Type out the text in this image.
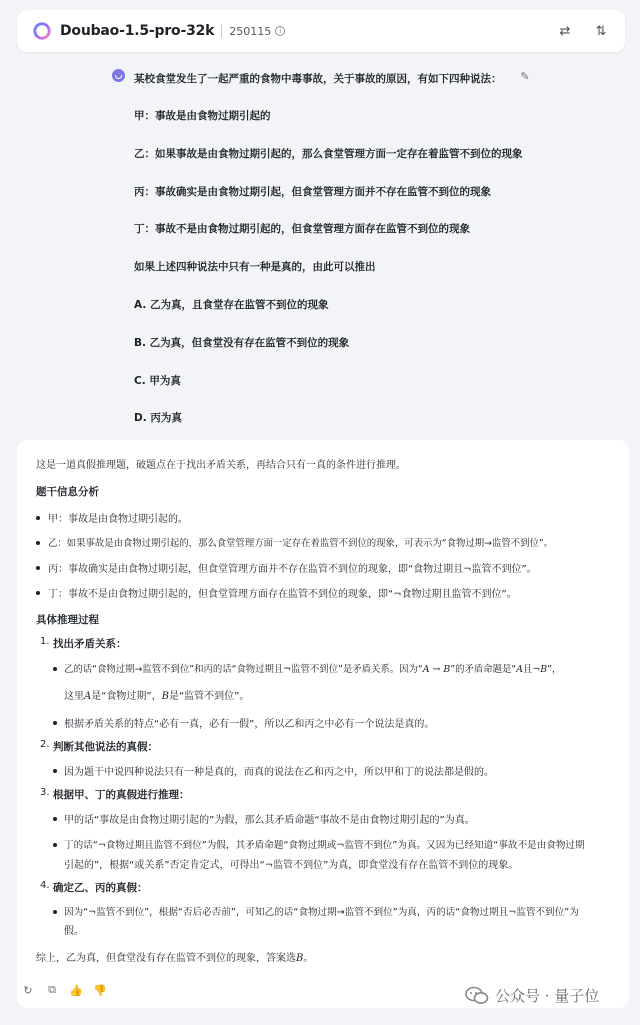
Doubao-1.5-pro-32k 250115	i	⇄	⇅
✎
某校食堂发生了一起严重的食物中毒事故，关于事故的原因，有如下四种说法：
甲：事故是由食物过期引起的
乙：如果事故是由食物过期引起的，那么食堂管理方面一定存在着监管不到位的现象
丙：事故确实是由食物过期引起，但食堂管理方面并不存在监管不到位的现象
丁：事故不是由食物过期引起的，但食堂管理方面存在监管不到位的现象
如果上述四种说法中只有一种是真的，由此可以推出
A. 乙为真，且食堂存在监管不到位的现象
B. 乙为真，但食堂没有存在监管不到位的现象
C. 甲为真
D. 丙为真
这是一道真假推理题，破题点在于找出矛盾关系，再结合只有一真的条件进行推理。
题干信息分析
甲：事故是由食物过期引起的。
乙：如果事故是由食物过期引起的，那么食堂管理方面一定存在着监管不到位的现象，可表示为“食物过期→监管不到位”。
丙：事故确实是由食物过期引起，但食堂管理方面并不存在监管不到位的现象，即“食物过期且¬监管不到位”。
丁：事故不是由食物过期引起的，但食堂管理方面存在监管不到位的现象，即“¬食物过期且监管不到位”。
具体推理过程
1. 找出矛盾关系：
乙的话“食物过期→监管不到位”和丙的话“食物过期且¬监管不到位”是矛盾关系。因为“A → B”的矛盾命题是“A且¬B”，
这里A是“食物过期”，B是“监管不到位”。
根据矛盾关系的特点“必有一真，必有一假”，所以乙和丙之中必有一个说法是真的。
2. 判断其他说法的真假：
因为题干中说四种说法只有一种是真的，而真的说法在乙和丙之中，所以甲和丁的说法都是假的。
3. 根据甲、丁的真假进行推理：
甲的话“事故是由食物过期引起的”为假，那么其矛盾命题“事故不是由食物过期引起的”为真。
丁的话“¬食物过期且监管不到位”为假，其矛盾命题“食物过期或¬监管不到位”为真。又因为已经知道“事故不是由食物过期
引起的”，根据“或关系”否定肯定式，可得出“¬监管不到位”为真，即食堂没有存在监管不到位的现象。
4. 确定乙、丙的真假：
因为“¬监管不到位”，根据“否后必否前”，可知乙的话“食物过期→监管不到位”为真，丙的话“食物过期且¬监管不到位”为
假。
综上，乙为真，但食堂没有存在监管不到位的现象，答案选B。
↻	⧉	👍 👎	公众号 · 量子位
